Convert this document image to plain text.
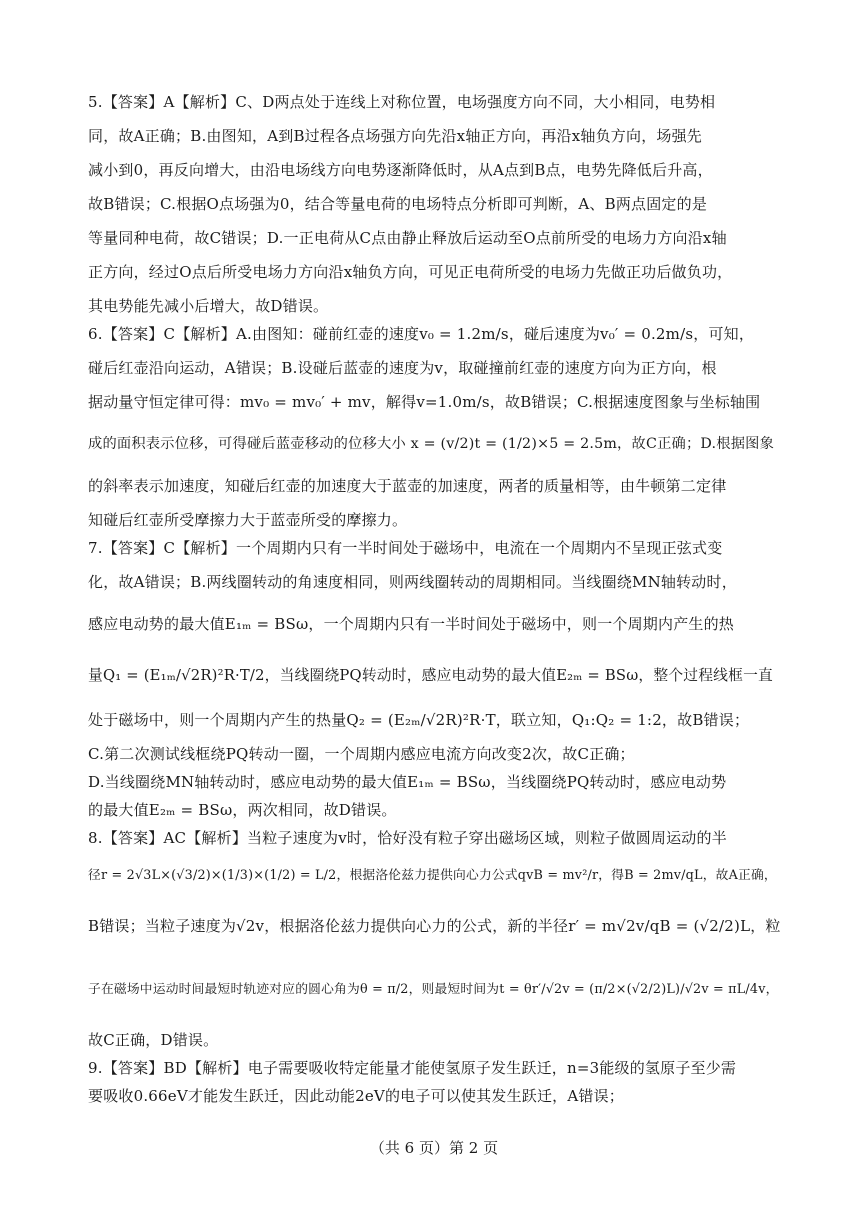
5.【答案】A【解析】C、D两点处于连线上对称位置，电场强度方向不同，大小相同，电势相

同，故A正确；B.由图知，A到B过程各点场强方向先沿x轴正方向，再沿x轴负方向，场强先

减小到0，再反向增大，由沿电场线方向电势逐渐降低时，从A点到B点，电势先降低后升高，

故B错误；C.根据O点场强为0，结合等量电荷的电场特点分析即可判断，A、B两点固定的是

等量同种电荷，故C错误；D.一正电荷从C点由静止释放后运动至O点前所受的电场力方向沿x轴

正方向，经过O点后所受电场力方向沿x轴负方向，可见正电荷所受的电场力先做正功后做负功，

其电势能先减小后增大，故D错误。

6.【答案】C【解析】A.由图知：碰前红壶的速度v₀ = 1.2m/s，碰后速度为v₀′ = 0.2m/s，可知，

碰后红壶沿向运动，A错误；B.设碰后蓝壶的速度为v，取碰撞前红壶的速度方向为正方向，根

据动量守恒定律可得：mv₀ = mv₀′ + mv，解得v=1.0m/s，故B错误；C.根据速度图象与坐标轴围

成的面积表示位移，可得碰后蓝壶移动的位移大小 x = (v/2)t = (1/2)×5 = 2.5m，故C正确；D.根据图象

的斜率表示加速度，知碰后红壶的加速度大于蓝壶的加速度，两者的质量相等，由牛顿第二定律

知碰后红壶所受摩擦力大于蓝壶所受的摩擦力。

7.【答案】C【解析】一个周期内只有一半时间处于磁场中，电流在一个周期内不呈现正弦式变

化，故A错误；B.两线圈转动的角速度相同，则两线圈转动的周期相同。当线圈绕MN轴转动时，

感应电动势的最大值E₁ₘ = BSω，一个周期内只有一半时间处于磁场中，则一个周期内产生的热

量Q₁ = (E₁ₘ/√2R)²R·T/2，当线圈绕PQ转动时，感应电动势的最大值E₂ₘ = BSω，整个过程线框一直

处于磁场中，则一个周期内产生的热量Q₂ = (E₂ₘ/√2R)²R·T，联立知，Q₁:Q₂ = 1:2，故B错误；

C.第二次测试线框绕PQ转动一圈，一个周期内感应电流方向改变2次，故C正确；

D.当线圈绕MN轴转动时，感应电动势的最大值E₁ₘ = BSω，当线圈绕PQ转动时，感应电动势

的最大值E₂ₘ = BSω，两次相同，故D错误。

8.【答案】AC【解析】当粒子速度为v时，恰好没有粒子穿出磁场区域，则粒子做圆周运动的半

径r = 2√3L×(√3/2)×(1/3)×(1/2) = L/2，根据洛伦兹力提供向心力公式qvB = mv²/r，得B = 2mv/qL，故A正确，

B错误；当粒子速度为√2v，根据洛伦兹力提供向心力的公式，新的半径r′ = m√2v/qB = (√2/2)L，粒

子在磁场中运动时间最短时轨迹对应的圆心角为θ = π/2，则最短时间为t = θr′/√2v = (π/2×(√2/2)L)/√2v = πL/4v，

故C正确，D错误。

9.【答案】BD【解析】电子需要吸收特定能量才能使氢原子发生跃迁，n=3能级的氢原子至少需

要吸收0.66eV才能发生跃迁，因此动能2eV的电子可以使其发生跃迁，A错误；

（共 6 页）第 2 页
